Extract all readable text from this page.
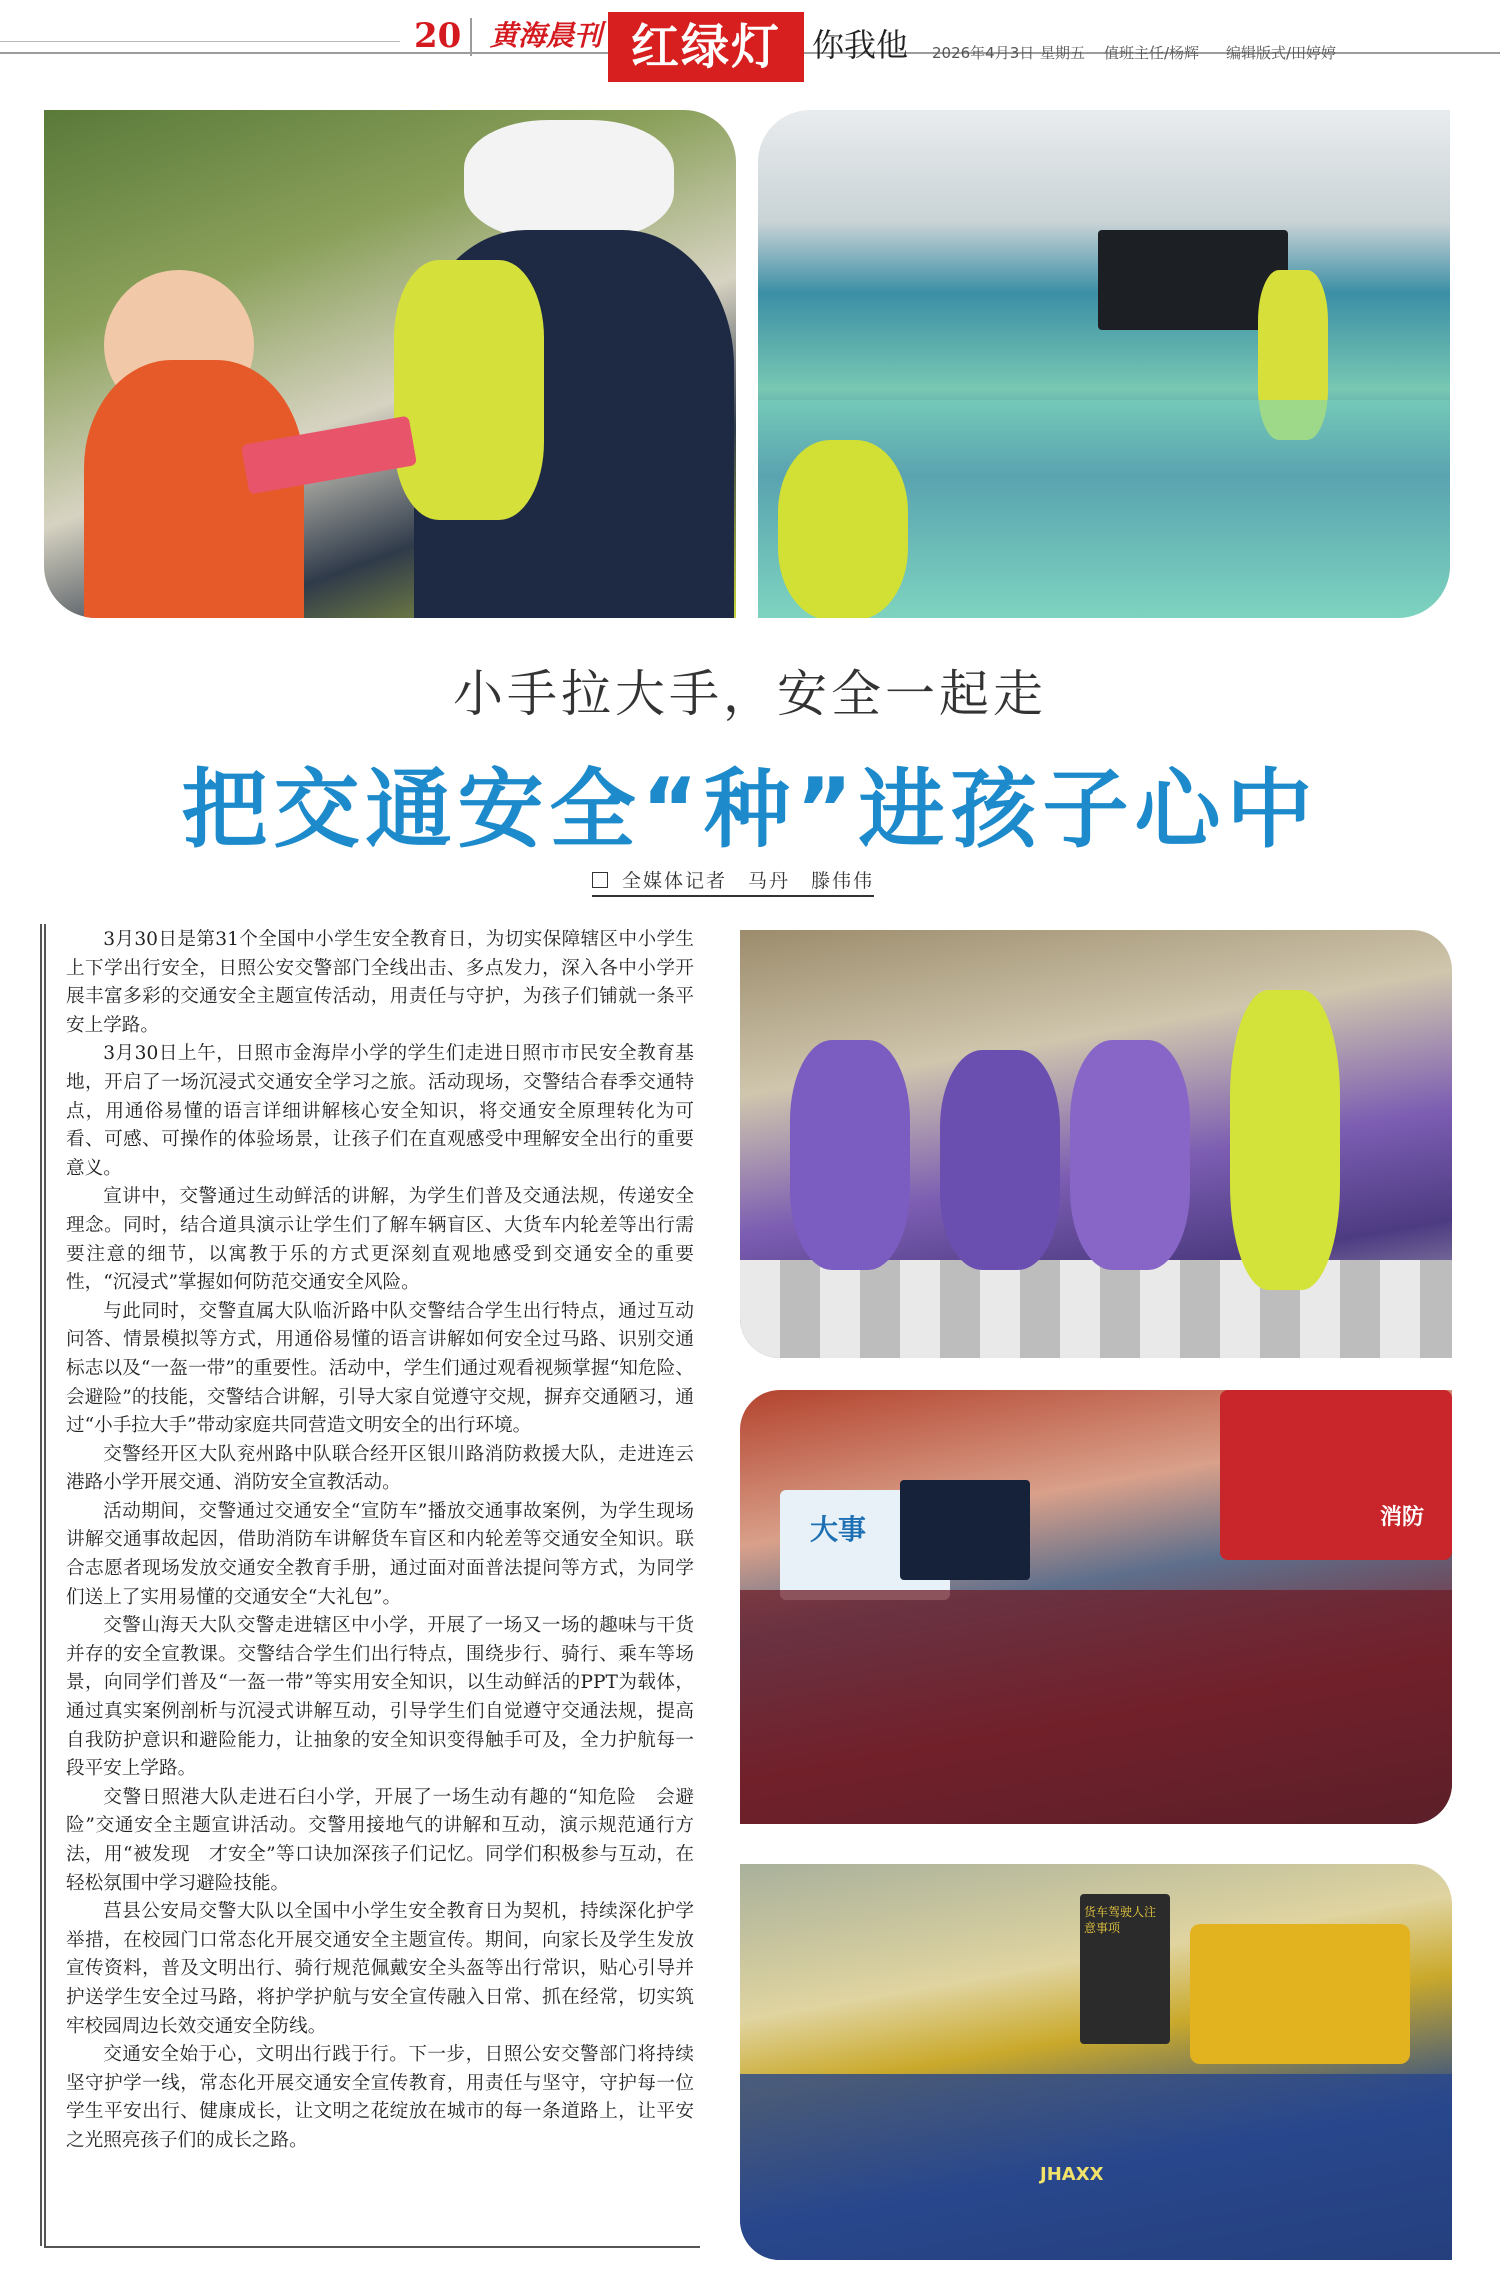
20 黄海晨刊 红绿灯 你我他 2026年4月3日 星期五 值班主任/杨辉 编辑版式/田婷婷
小手拉大手，安全一起走
把交通安全“种”进孩子心中
全媒体记者　马丹　滕伟伟

3月30日是第31个全国中小学生安全教育日，为切实保障辖区中小学生上下学出行安全，日照公安交警部门全线出击、多点发力，深入各中小学开展丰富多彩的交通安全主题宣传活动，用责任与守护，为孩子们铺就一条平安上学路。

3月30日上午，日照市金海岸小学的学生们走进日照市市民安全教育基地，开启了一场沉浸式交通安全学习之旅。活动现场，交警结合春季交通特点，用通俗易懂的语言详细讲解核心安全知识，将交通安全原理转化为可看、可感、可操作的体验场景，让孩子们在直观感受中理解安全出行的重要意义。

宣讲中，交警通过生动鲜活的讲解，为学生们普及交通法规，传递安全理念。同时，结合道具演示让学生们了解车辆盲区、大货车内轮差等出行需要注意的细节，以寓教于乐的方式更深刻直观地感受到交通安全的重要性，“沉浸式”掌握如何防范交通安全风险。

与此同时，交警直属大队临沂路中队交警结合学生出行特点，通过互动问答、情景模拟等方式，用通俗易懂的语言讲解如何安全过马路、识别交通标志以及“一盔一带”的重要性。活动中，学生们通过观看视频掌握“知危险、会避险”的技能，交警结合讲解，引导大家自觉遵守交规，摒弃交通陋习，通过“小手拉大手”带动家庭共同营造文明安全的出行环境。

交警经开区大队兖州路中队联合经开区银川路消防救援大队，走进连云港路小学开展交通、消防安全宣教活动。

活动期间，交警通过交通安全“宣防车”播放交通事故案例，为学生现场讲解交通事故起因，借助消防车讲解货车盲区和内轮差等交通安全知识。联合志愿者现场发放交通安全教育手册，通过面对面普法提问等方式，为同学们送上了实用易懂的交通安全“大礼包”。

交警山海天大队交警走进辖区中小学，开展了一场又一场的趣味与干货并存的安全宣教课。交警结合学生们出行特点，围绕步行、骑行、乘车等场景，向同学们普及“一盔一带”等实用安全知识，以生动鲜活的PPT为载体，通过真实案例剖析与沉浸式讲解互动，引导学生们自觉遵守交通法规，提高自我防护意识和避险能力，让抽象的安全知识变得触手可及，全力护航每一段平安上学路。

交警日照港大队走进石臼小学，开展了一场生动有趣的“知危险　会避险”交通安全主题宣讲活动。交警用接地气的讲解和互动，演示规范通行方法，用“被发现　才安全”等口诀加深孩子们记忆。同学们积极参与互动，在轻松氛围中学习避险技能。

莒县公安局交警大队以全国中小学生安全教育日为契机，持续深化护学举措，在校园门口常态化开展交通安全主题宣传。期间，向家长及学生发放宣传资料，普及文明出行、骑行规范佩戴安全头盔等出行常识，贴心引导并护送学生安全过马路，将护学护航与安全宣传融入日常、抓在经常，切实筑牢校园周边长效交通安全防线。

交通安全始于心，文明出行践于行。下一步，日照公安交警部门将持续坚守护学一线，常态化开展交通安全宣传教育，用责任与坚守，守护每一位学生平安出行、健康成长，让文明之花绽放在城市的每一条道路上，让平安之光照亮孩子们的成长之路。

消防
大事
货车驾驶人注意事项
JHAXX
